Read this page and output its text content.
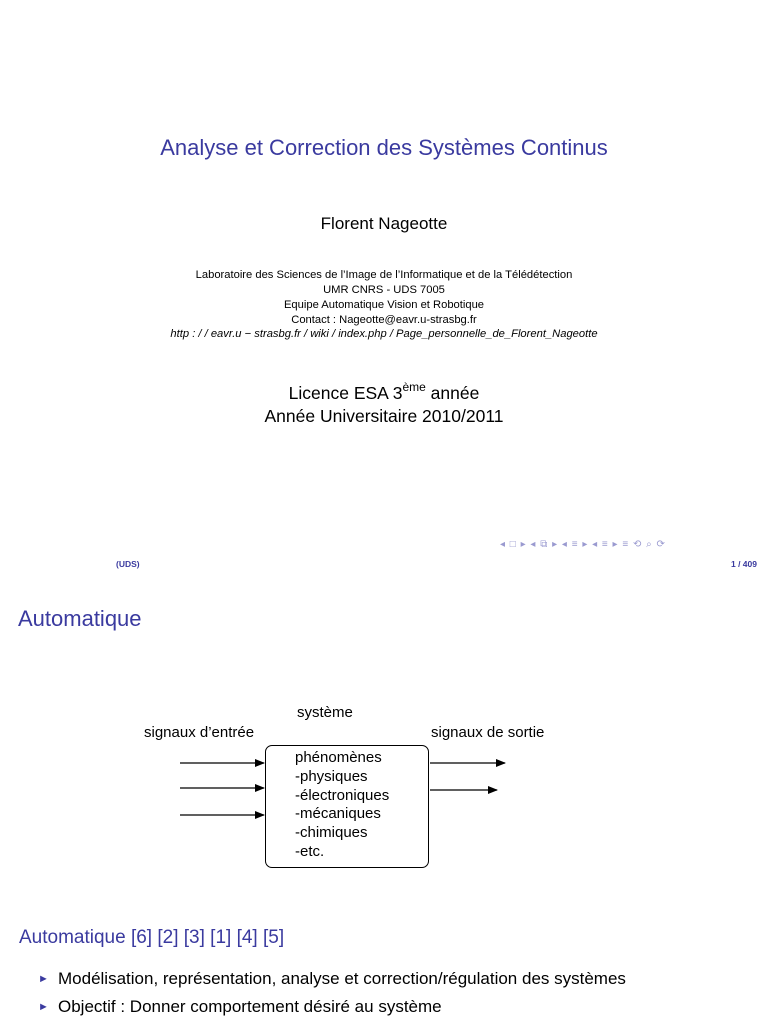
Analyse et Correction des Systèmes Continus
Florent Nageotte
Laboratoire des Sciences de l’Image de l’Informatique et de la Télédétection
UMR CNRS - UDS 7005
Equipe Automatique Vision et Robotique
Contact : Nageotte@eavr.u-strasbg.fr
http : / / eavr.u − strasbg.fr / wiki / index.php / Page_personnelle_de_Florent_Nageotte
Licence ESA 3ème année
Année Universitaire 2010/2011
◂ □ ▸ ◂ ⧉ ▸ ◂ ≡ ▸ ◂ ≡ ▸ ≡ ⟲ ⌕ ⟳
(UDS)	1 / 409
Automatique
système
signaux d’entrée	signaux de sortie
phénomènes
-physiques
-électroniques
-mécaniques
-chimiques
-etc.
Automatique [6] [2] [3] [1] [4] [5]
► Modélisation, représentation, analyse et correction/régulation des systèmes
► Objectif : Donner comportement désiré au système
